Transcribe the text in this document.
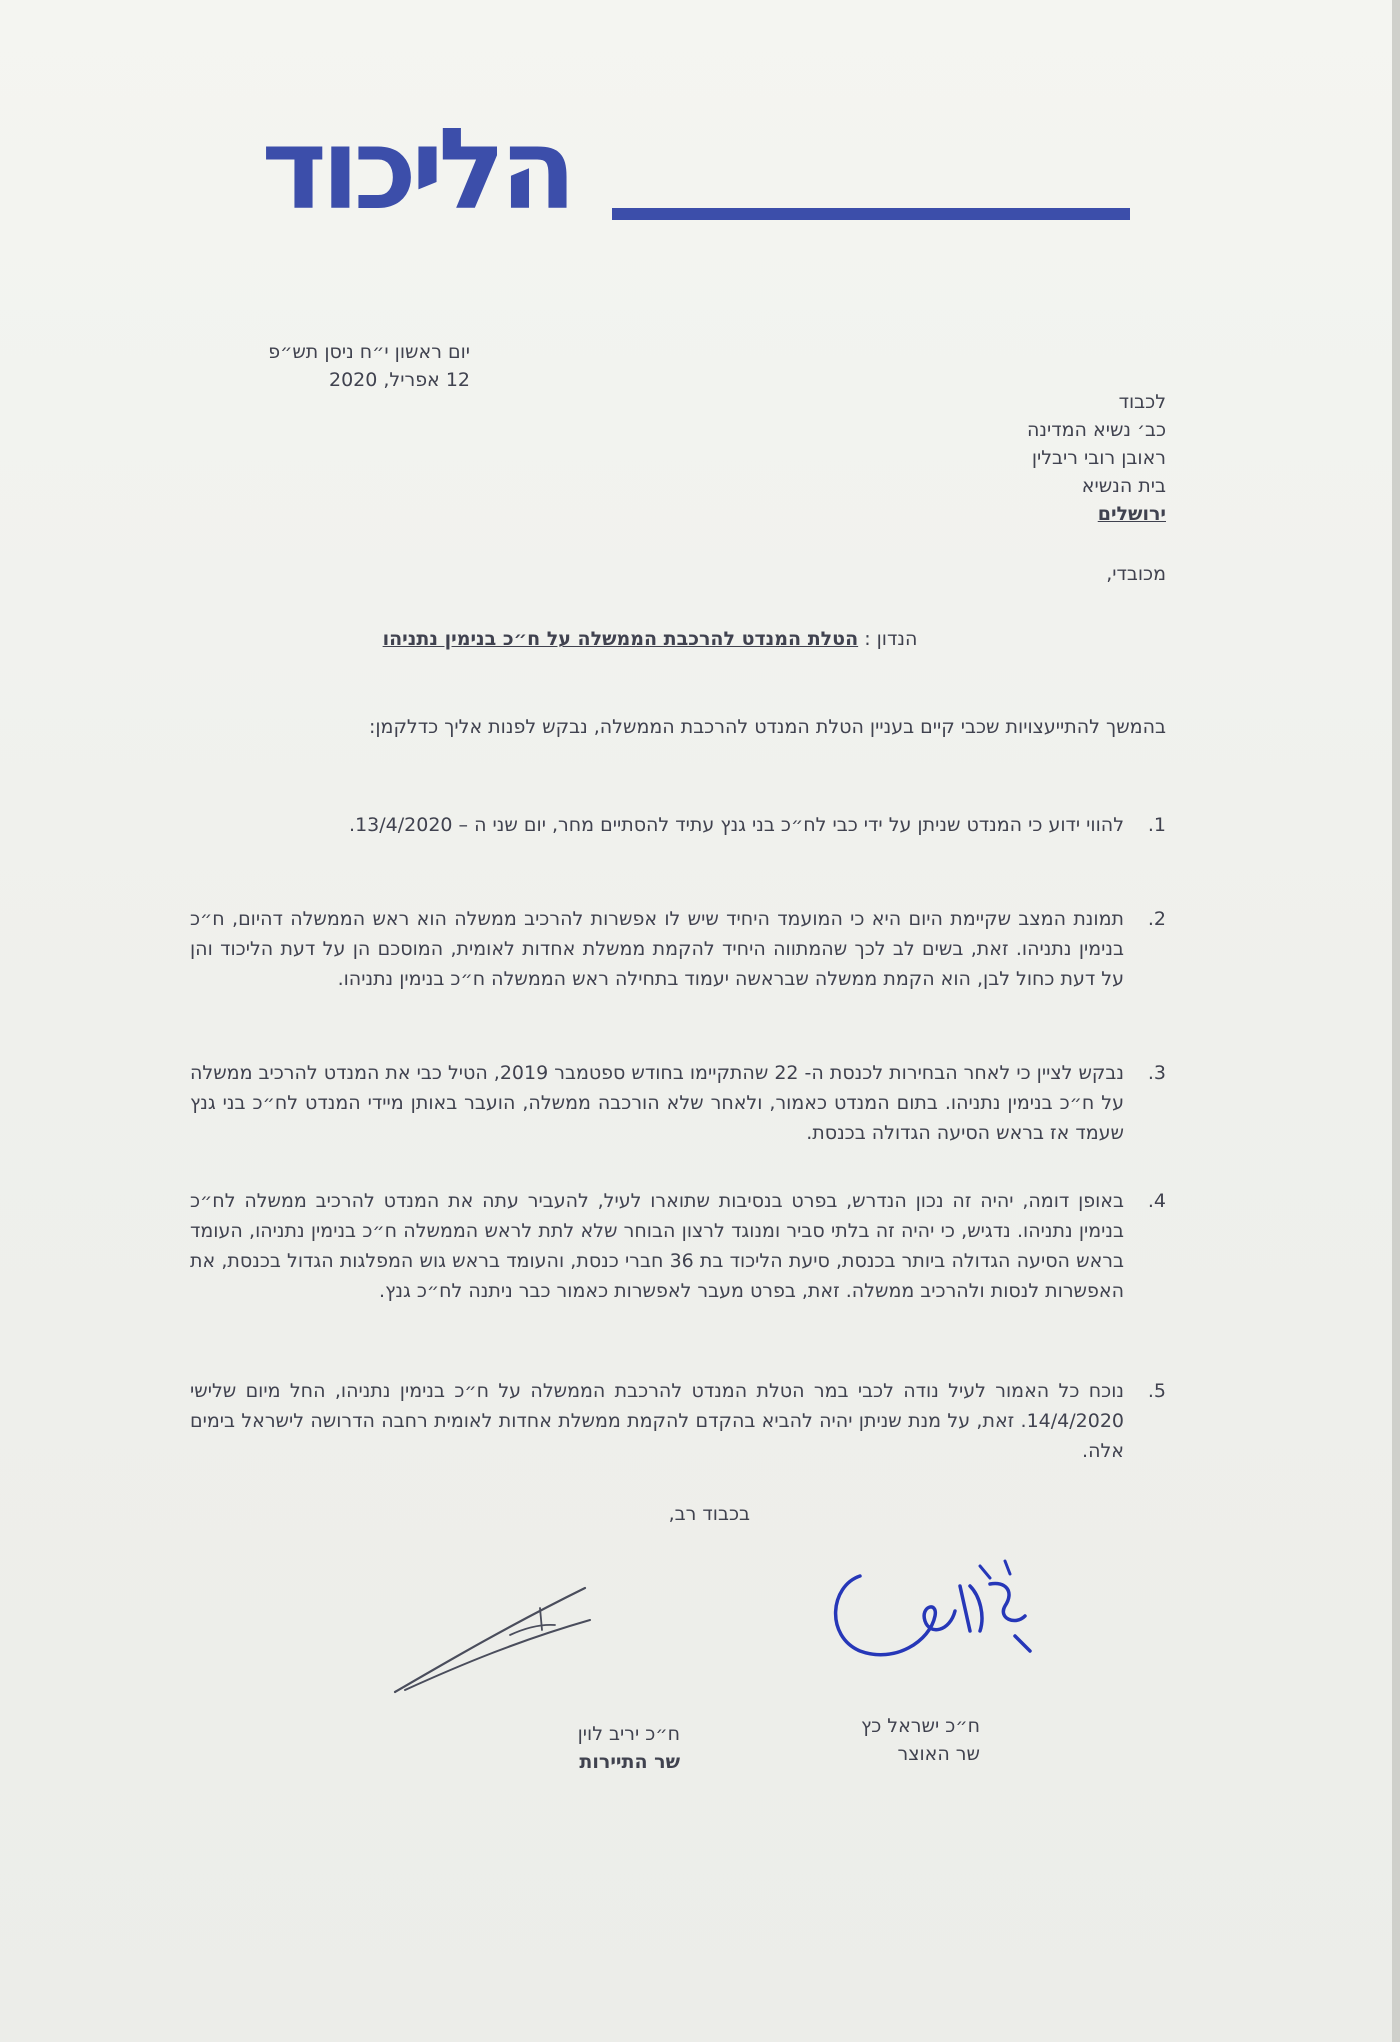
הליכוד
יום ראשון י״ח ניסן תש״פ
12 אפריל, 2020
לכבוד
כב׳ נשיא המדינה
ראובן רובי ריבלין
בית הנשיא
ירושלים
מכובדי,
הנדון : הטלת המנדט להרכבת הממשלה על ח״כ בנימין נתניהו
בהמשך להתייעצויות שכבי קיים בעניין הטלת המנדט להרכבת הממשלה, נבקש לפנות אליך כדלקמן:
1.
להווי ידוע כי המנדט שניתן על ידי כבי לח״כ בני גנץ עתיד להסתיים מחר, יום שני ה – 13/4/2020.
2.
תמונת המצב שקיימת היום היא כי המועמד היחיד שיש לו אפשרות להרכיב ממשלה הוא ראש הממשלה דהיום, ח״כ בנימין נתניהו. זאת, בשים לב לכך שהמתווה היחיד להקמת ממשלת אחדות לאומית, המוסכם הן על דעת הליכוד והן על דעת כחול לבן, הוא הקמת ממשלה שבראשה יעמוד בתחילה ראש הממשלה ח״כ בנימין נתניהו.
3.
נבקש לציין כי לאחר הבחירות לכנסת ה- 22 שהתקיימו בחודש ספטמבר 2019, הטיל כבי את המנדט להרכיב ממשלה על ח״כ בנימין נתניהו. בתום המנדט כאמור, ולאחר שלא הורכבה ממשלה, הועבר באותן מיידי המנדט לח״כ בני גנץ שעמד אז בראש הסיעה הגדולה בכנסת.
4.
באופן דומה, יהיה זה נכון הנדרש, בפרט בנסיבות שתוארו לעיל, להעביר עתה את המנדט להרכיב ממשלה לח״כ בנימין נתניהו. נדגיש, כי יהיה זה בלתי סביר ומנוגד לרצון הבוחר שלא לתת לראש הממשלה ח״כ בנימין נתניהו, העומד בראש הסיעה הגדולה ביותר בכנסת, סיעת הליכוד בת 36 חברי כנסת, והעומד בראש גוש המפלגות הגדול בכנסת, את האפשרות לנסות ולהרכיב ממשלה. זאת, בפרט מעבר לאפשרות כאמור כבר ניתנה לח״כ גנץ.
5.
נוכח כל האמור לעיל נודה לכבי במר הטלת המנדט להרכבת הממשלה על ח״כ בנימין נתניהו, החל מיום שלישי 14/4/2020. זאת, על מנת שניתן יהיה להביא בהקדם להקמת ממשלת אחדות לאומית רחבה הדרושה לישראל בימים אלה.
בכבוד רב,
ח״כ ישראל כץ
שר האוצר
ח״כ יריב לוין
שר התיירות
